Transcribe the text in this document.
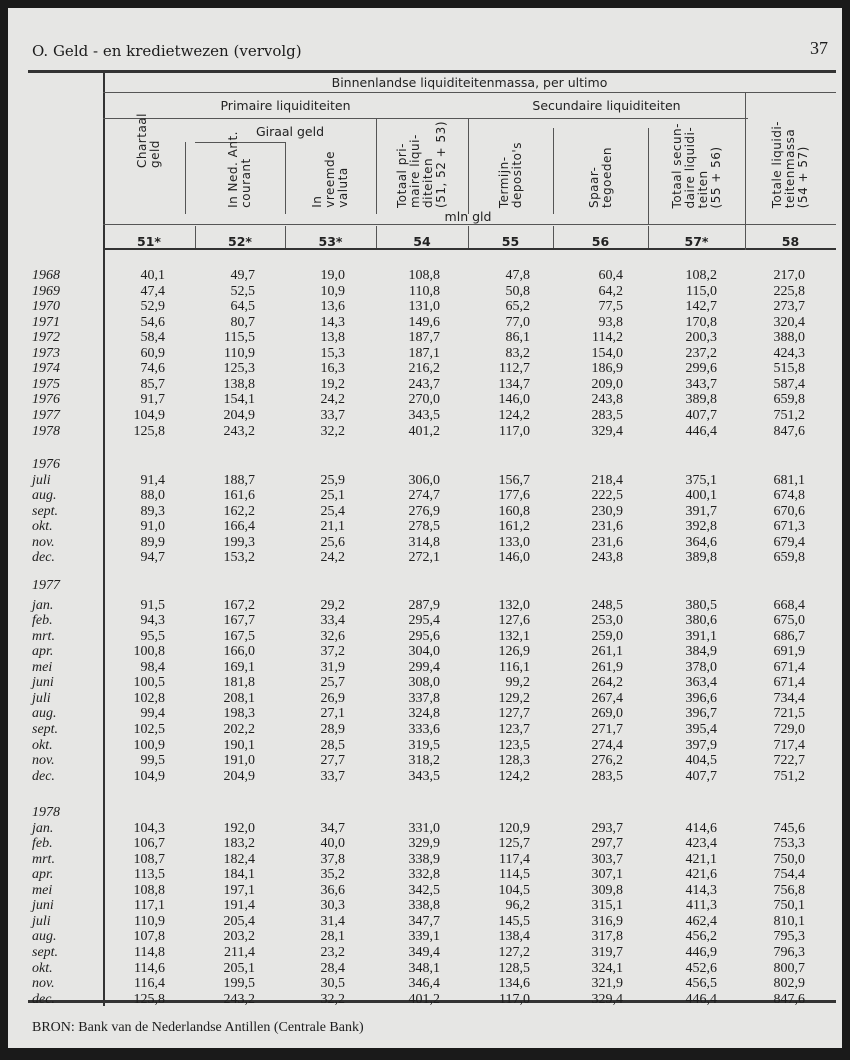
O. Geld - en kredietwezen (vervolg)	37
Binnenlandse liquiditeitenmassa, per ultimo
Primaire liquiditeiten	Secundaire liquiditeiten
Giraal geld
mln gld
Chartaal
geld
51*
In Ned. Ant.
courant
52*
In
vreemde
valuta
53*
Totaal pri-
maire liqui-
diteiten
(51, 52 + 53)
54
Termijn-
deposito's
55
Spaar-
tegoeden
56
Totaal secun-
daire liquidi-
teiten
(55 + 56)
57*
Totale liquidi-
teitenmassa
(54 + 57)
58
1968	40,1	49,7	19,0	108,8	47,8	60,4	108,2	217,0
1969	47,4	52,5	10,9	110,8	50,8	64,2	115,0	225,8
1970	52,9	64,5	13,6	131,0	65,2	77,5	142,7	273,7
1971	54,6	80,7	14,3	149,6	77,0	93,8	170,8	320,4
1972	58,4	115,5	13,8	187,7	86,1	114,2	200,3	388,0
1973	60,9	110,9	15,3	187,1	83,2	154,0	237,2	424,3
1974	74,6	125,3	16,3	216,2	112,7	186,9	299,6	515,8
1975	85,7	138,8	19,2	243,7	134,7	209,0	343,7	587,4
1976	91,7	154,1	24,2	270,0	146,0	243,8	389,8	659,8
1977	104,9	204,9	33,7	343,5	124,2	283,5	407,7	751,2
1978	125,8	243,2	32,2	401,2	117,0	329,4	446,4	847,6
1976
juli	91,4	188,7	25,9	306,0	156,7	218,4	375,1	681,1
aug.	88,0	161,6	25,1	274,7	177,6	222,5	400,1	674,8
sept.	89,3	162,2	25,4	276,9	160,8	230,9	391,7	670,6
okt.	91,0	166,4	21,1	278,5	161,2	231,6	392,8	671,3
nov.	89,9	199,3	25,6	314,8	133,0	231,6	364,6	679,4
dec.	94,7	153,2	24,2	272,1	146,0	243,8	389,8	659,8
1977
jan.	91,5	167,2	29,2	287,9	132,0	248,5	380,5	668,4
feb.	94,3	167,7	33,4	295,4	127,6	253,0	380,6	675,0
mrt.	95,5	167,5	32,6	295,6	132,1	259,0	391,1	686,7
apr.	100,8	166,0	37,2	304,0	126,9	261,1	384,9	691,9
mei	98,4	169,1	31,9	299,4	116,1	261,9	378,0	671,4
juni	100,5	181,8	25,7	308,0	99,2	264,2	363,4	671,4
juli	102,8	208,1	26,9	337,8	129,2	267,4	396,6	734,4
aug.	99,4	198,3	27,1	324,8	127,7	269,0	396,7	721,5
sept.	102,5	202,2	28,9	333,6	123,7	271,7	395,4	729,0
okt.	100,9	190,1	28,5	319,5	123,5	274,4	397,9	717,4
nov.	99,5	191,0	27,7	318,2	128,3	276,2	404,5	722,7
dec.	104,9	204,9	33,7	343,5	124,2	283,5	407,7	751,2
1978
jan.	104,3	192,0	34,7	331,0	120,9	293,7	414,6	745,6
feb.	106,7	183,2	40,0	329,9	125,7	297,7	423,4	753,3
mrt.	108,7	182,4	37,8	338,9	117,4	303,7	421,1	750,0
apr.	113,5	184,1	35,2	332,8	114,5	307,1	421,6	754,4
mei	108,8	197,1	36,6	342,5	104,5	309,8	414,3	756,8
juni	117,1	191,4	30,3	338,8	96,2	315,1	411,3	750,1
juli	110,9	205,4	31,4	347,7	145,5	316,9	462,4	810,1
aug.	107,8	203,2	28,1	339,1	138,4	317,8	456,2	795,3
sept.	114,8	211,4	23,2	349,4	127,2	319,7	446,9	796,3
okt.	114,6	205,1	28,4	348,1	128,5	324,1	452,6	800,7
nov.	116,4	199,5	30,5	346,4	134,6	321,9	456,5	802,9
dec.	125,8	243,2	32,2	401,2	117,0	329,4	446,4	847,6
BRON: Bank van de Nederlandse Antillen (Centrale Bank)
